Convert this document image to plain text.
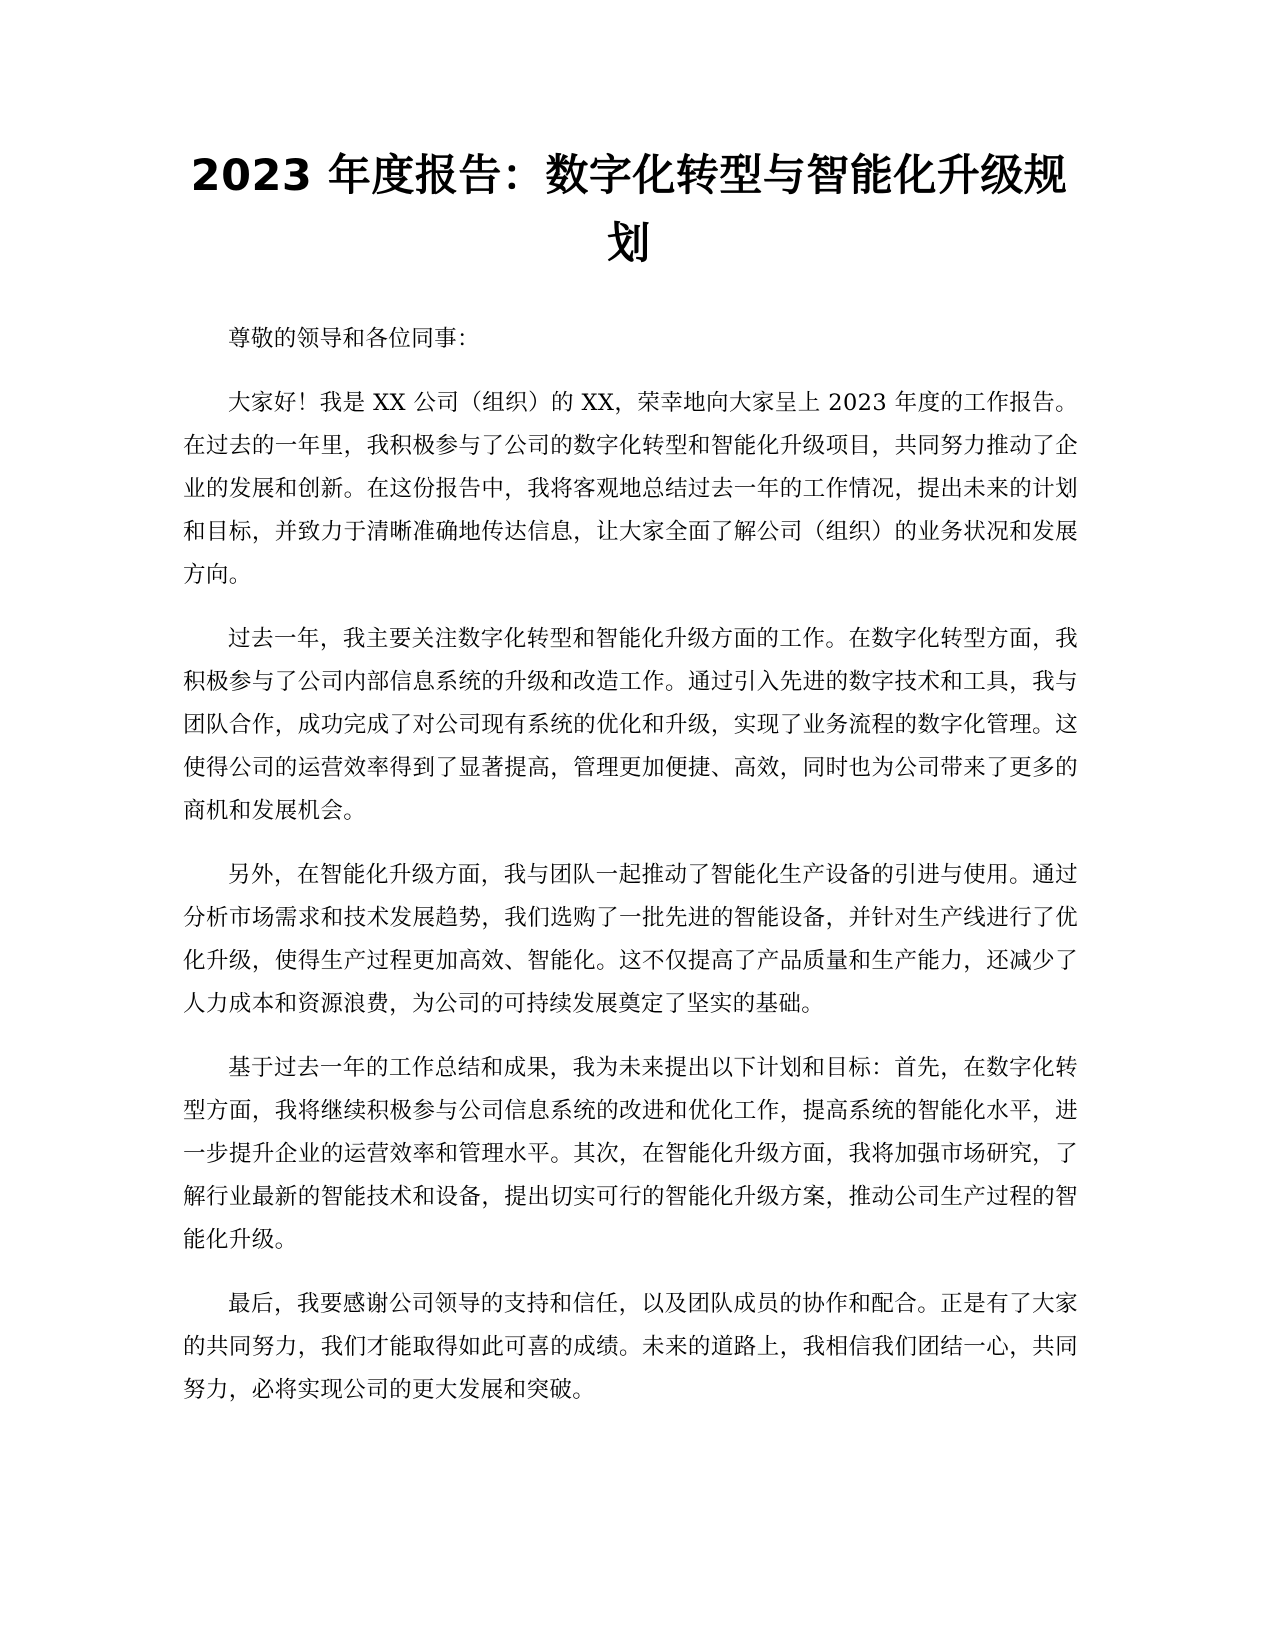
2023 年度报告：数字化转型与智能化升级规划

尊敬的领导和各位同事：

大家好！我是 XX 公司（组织）的 XX，荣幸地向大家呈上 2023 年度的工作报告。在过去的一年里，我积极参与了公司的数字化转型和智能化升级项目，共同努力推动了企业的发展和创新。在这份报告中，我将客观地总结过去一年的工作情况，提出未来的计划和目标，并致力于清晰准确地传达信息，让大家全面了解公司（组织）的业务状况和发展方向。

过去一年，我主要关注数字化转型和智能化升级方面的工作。在数字化转型方面，我积极参与了公司内部信息系统的升级和改造工作。通过引入先进的数字技术和工具，我与团队合作，成功完成了对公司现有系统的优化和升级，实现了业务流程的数字化管理。这使得公司的运营效率得到了显著提高，管理更加便捷、高效，同时也为公司带来了更多的商机和发展机会。

另外，在智能化升级方面，我与团队一起推动了智能化生产设备的引进与使用。通过分析市场需求和技术发展趋势，我们选购了一批先进的智能设备，并针对生产线进行了优化升级，使得生产过程更加高效、智能化。这不仅提高了产品质量和生产能力，还减少了人力成本和资源浪费，为公司的可持续发展奠定了坚实的基础。

基于过去一年的工作总结和成果，我为未来提出以下计划和目标：首先，在数字化转型方面，我将继续积极参与公司信息系统的改进和优化工作，提高系统的智能化水平，进一步提升企业的运营效率和管理水平。其次，在智能化升级方面，我将加强市场研究，了解行业最新的智能技术和设备，提出切实可行的智能化升级方案，推动公司生产过程的智能化升级。

最后，我要感谢公司领导的支持和信任，以及团队成员的协作和配合。正是有了大家的共同努力，我们才能取得如此可喜的成绩。未来的道路上，我相信我们团结一心，共同努力，必将实现公司的更大发展和突破。
